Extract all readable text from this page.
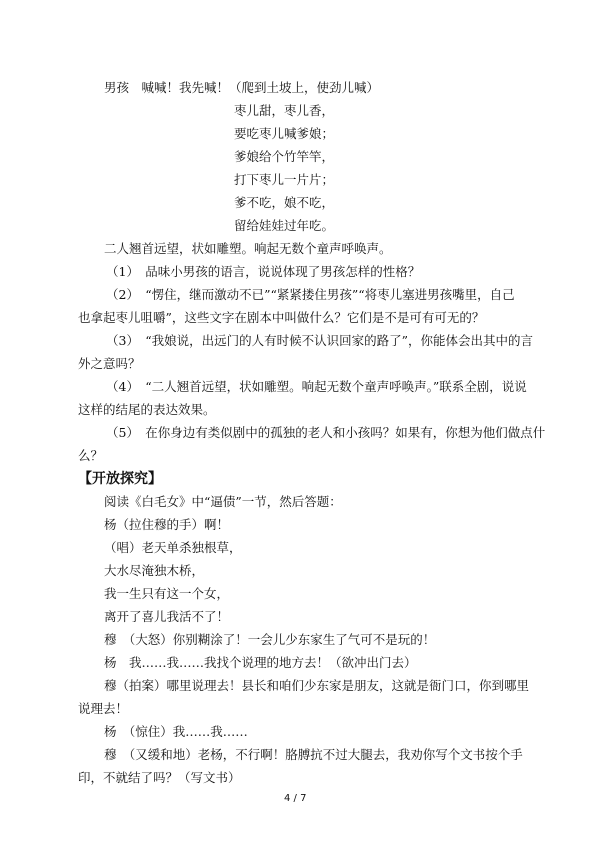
男孩　喊喊！我先喊！（爬到土坡上，使劲儿喊）
枣儿甜，枣儿香，
要吃枣儿喊爹娘；
爹娘给个竹竿竿，
打下枣儿一片片；
爹不吃，娘不吃，
留给娃娃过年吃。
二人翘首远望，状如雕塑。响起无数个童声呼唤声。
（1）　品味小男孩的语言，说说体现了男孩怎样的性格？
（2）　“愣住，继而激动不已”“紧紧搂住男孩”“将枣儿塞进男孩嘴里，自己
也拿起枣儿咀嚼”，这些文字在剧本中叫做什么？它们是不是可有可无的？
（3）　“我娘说，出远门的人有时候不认识回家的路了”，你能体会出其中的言
外之意吗？
（4）　“二人翘首远望，状如雕塑。响起无数个童声呼唤声。”联系全剧，说说
这样的结尾的表达效果。
（5）　在你身边有类似剧中的孤独的老人和小孩吗？如果有，你想为他们做点什
么？
【开放探究】
阅读《白毛女》中“逼债”一节，然后答题：
杨（拉住穆的手）啊！
（唱）老天单杀独根草，
大水尽淹独木桥，
我一生只有这一个女，
离开了喜儿我活不了！
穆　（大怒）你别糊涂了！一会儿少东家生了气可不是玩的！
杨　我……我……我找个说理的地方去！（欲冲出门去）
穆（拍案）哪里说理去！县长和咱们少东家是朋友，这就是衙门口，你到哪里
说理去！
杨　（惊住）我……我……
穆　（又缓和地）老杨，不行啊！胳膊抗不过大腿去，我劝你写个文书按个手
印，不就结了吗？（写文书）
4 / 7
